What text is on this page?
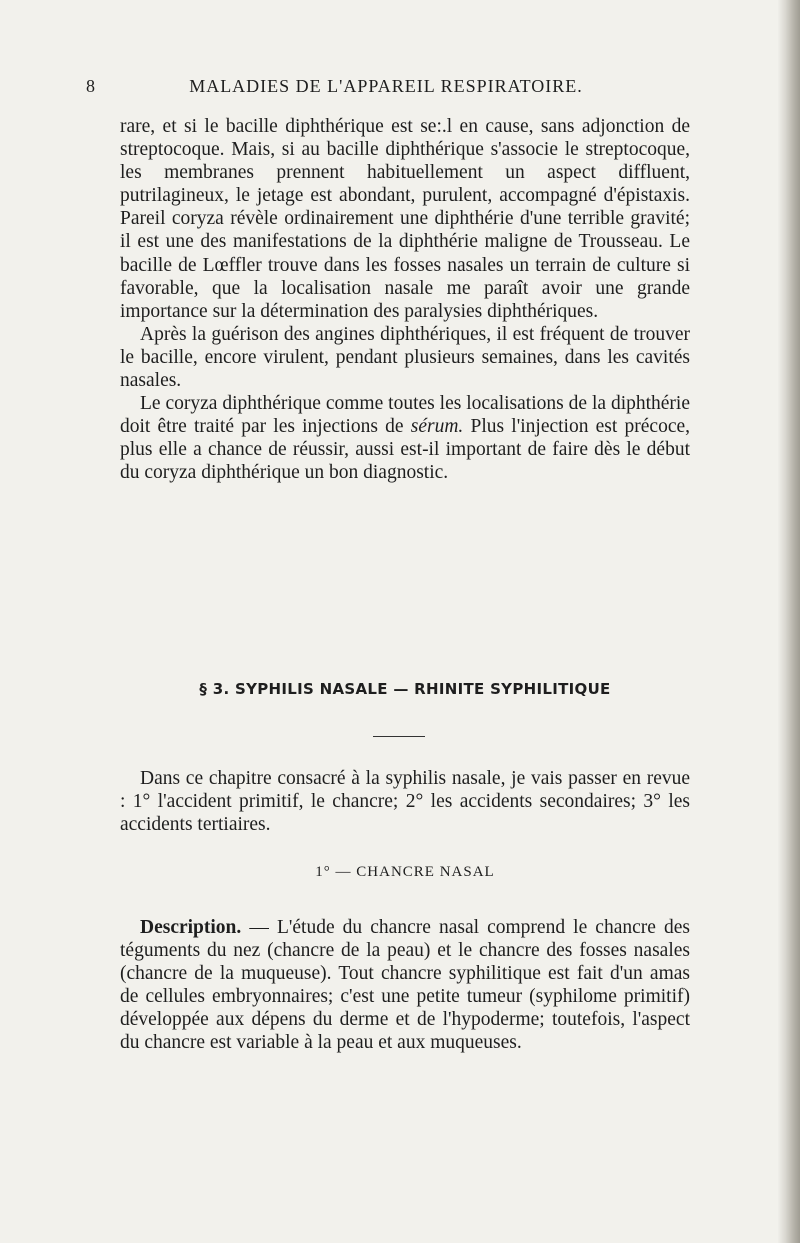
8	MALADIES DE L'APPAREIL RESPIRATOIRE.

rare, et si le bacille diphthérique est se:.l en cause, sans adjonction de streptocoque. Mais, si au bacille diphthérique s'associe le streptocoque, les membranes prennent habituellement un aspect diffluent, putrilagineux, le jetage est abondant, purulent, accompagné d'épistaxis. Pareil coryza révèle ordinairement une diphthérie d'une terrible gravité; il est une des manifestations de la diphthérie maligne de Trousseau. Le bacille de Lœffler trouve dans les fosses nasales un terrain de culture si favorable, que la localisation nasale me paraît avoir une grande importance sur la détermination des paralysies diphthériques.

Après la guérison des angines diphthériques, il est fréquent de trouver le bacille, encore virulent, pendant plusieurs semaines, dans les cavités nasales.

Le coryza diphthérique comme toutes les localisations de la diphthérie doit être traité par les injections de sérum. Plus l'injection est précoce, plus elle a chance de réussir, aussi est-il important de faire dès le début du coryza diphthérique un bon diagnostic.

§ 3. SYPHILIS NASALE — RHINITE SYPHILITIQUE

Dans ce chapitre consacré à la syphilis nasale, je vais passer en revue : 1° l'accident primitif, le chancre; 2° les accidents secondaires; 3° les accidents tertiaires.

1° — CHANCRE NASAL

Description. — L'étude du chancre nasal comprend le chancre des téguments du nez (chancre de la peau) et le chancre des fosses nasales (chancre de la muqueuse). Tout chancre syphilitique est fait d'un amas de cellules embryonnaires; c'est une petite tumeur (syphilome primitif) développée aux dépens du derme et de l'hypoderme; toutefois, l'aspect du chancre est variable à la peau et aux muqueuses.
